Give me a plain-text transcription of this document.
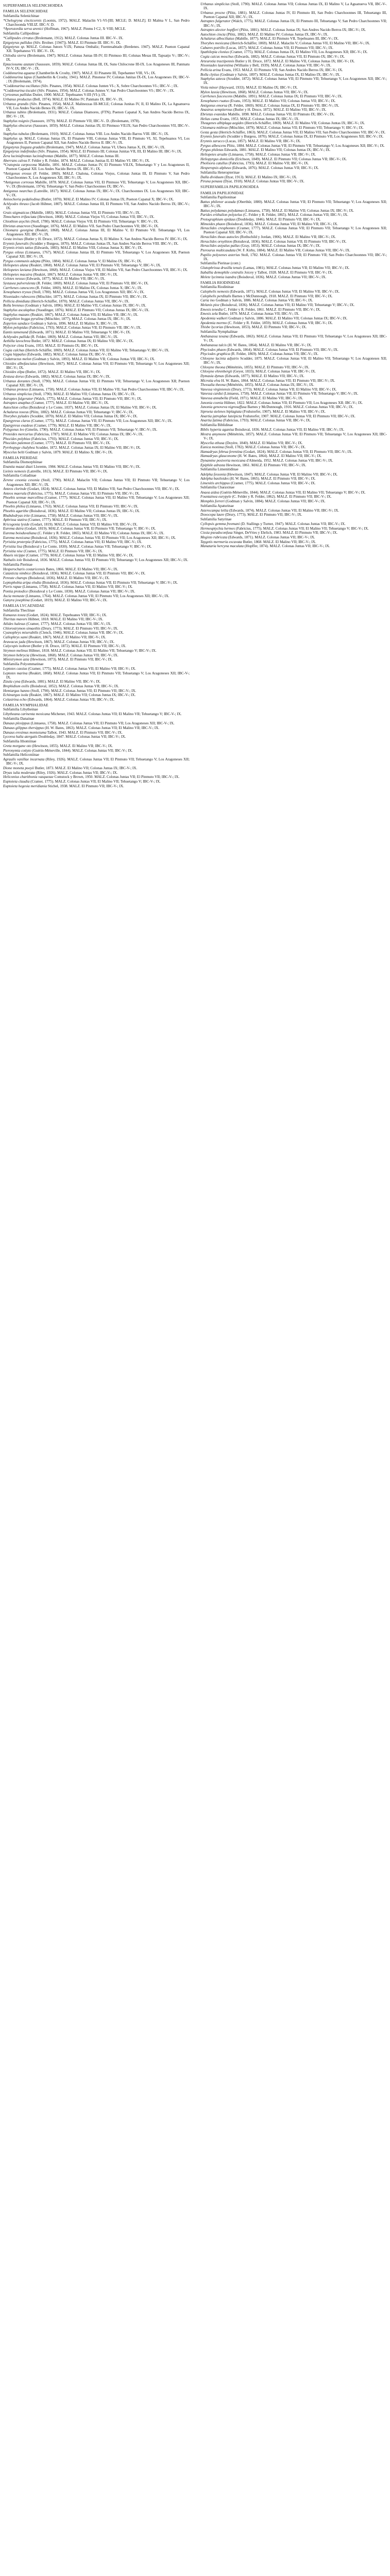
SUPERFAMILIA SELENICHOIDEA
FAMILIA SELENICHIDAE
Subfamilia Selenichinae
*Chelogryna cincticornis (Loomis, 1972). MALZ. Malaclin V1-VI-[III; MCLE; D. MALZ]. El Malma V L, San Pedro Charchoonda VIII.IZ. IBC-V. D.
*Ayorozordia serva arenici (Hoffman, 1967). MALZ. Pinmu I·C2, X·VIII; MCLE.
Subfamilia Callipodinae
*Callipodes cirratus (Brolemann, 1912). MALZ. Colonas Juntas III. IBC-V-. IX.
Epigotyras pallidus (Silv. Brolner. [1947]). MALZ. El Pinmute III. IBC-V-. IX.
Epigotyras sp. MALZ. Colonas Junors V-IX; Panusa Ombaliz; Fuentesabtado (Berdenes. 1947). MALZ. Puenon Capanal XII. Tepehaneso VI. IBC-V-. IX.
Chilodia sierra (Brolemann, 1947). MALZ. Colonas Juntas III-IV; El Pinmuso III; Colunas Mesas III, Tapuatjo V-; IBC-V-; IX.
Eptaciosumu azatani (Saussure, 1859). MALZ. Colonas Juntas III, IX, Suns Chilocrone III-IX. Los Aragoneses III, Panmatu IV-V, IX; IBC-V- ; IX.
Coddonurina aguana (Chamberlin & Crosby, 1907). MALZ. El Pinanete III, Tepehanner VIII, VI-; IX.
Coddonurina lapus (Chamberlin & Crosby, 1941). MALZ. Pinonese IV; Colonas Junitas IX-IX, Los Aragoneses IX; IBC-V- ; IX (Brolemann, 1974).
*Coddonurina oscillatus (Silv. Pinanes, 1954). MALZ. Colonas Junten VI-; X, Sobre Charchoonnes VI-; IBC-V- ; IX.
*Coddonurina tiscalei (Silv. Pinanes, 1954). MALZ. Colonas Junnes V; San Pedro Charchoonnes VI-; IBC-V- ; IX.
Cyrtosmus pallidus Dutier, 1900. MALZ. Tepehuanes V-III (VI-); IX.
Urbanus productus (Bell, 1974). MALZ. El Malino IV; Panmato IX. IBC-V-. IX.
Urbanus grandis (Silv. Pinanes, 1954). MALZ. Malinezzas III-MCLE; Colonas Junitas IV, II, El Malino IX, La Aguanueva VII, Los Andes Nacido Benos IX; IBC-V-. IX.
Urbanus tubins (Brolemann, 1931). MALZ. Colanas Diamores, (FTN); Puenon Capanal X, San Andres Nacido Berros IX, IBC-V- ; IX.
Staphylus nsignis (Saussure, 1979). MALZ. El Pinmute VII; IBC-V-. D. (Brolemann, 1978).
Staphylus obscurus (Saussure, 1859). MALZ. Colonas Junitas IX; El Pinmuso VII.IX; San Pedro Charchoonnes VII, IBC-V-. IX.
Staphylus tubulus (Brolemann, 1910). MALZ. Colonas Juntas VIII. Los Andes Nacido Barros VIII. IBC-V-; IX.
Staphylus sp. MALZ. Colonas Juntas IX, El Pinanete VIII, Colonas Juntas VIII, El Pinmuto VI, XI, Tepehuanos VI, Los Aragoneses II, Puenon Capanal XII, San Andres Nacido Berros II. IBC-V-; IX.
Epigotyras fraguza gradalis (Brolemann, 1947). MALZ. Colonas Juntas VI, Ubera Juntas X, IX, IBC-V-; IX.
Epigotyras indefinidus (Silv. Pinanes, 1954). MALZ. El Pinmuto III; Colonas Junitas VII, III, El Malino III; IBC-V-; IX.
Zera luciniafrontas luciniafrontas (Mabille, 1877). MALZ. Colonas Juntas III.
Aberrans calvus F. Felder y R. Felder, 1874. MALZ. Colonas Junitas II, El Malino VI. IBC-V-; IX.
*Cratopsia carpocona Mabille, 1891. MALZ. Colonas Juntas IV, El Pinmuto VII.IX, Tehuetango V y Los Aragoneses II, Puenon Capanal XII. Los Andes Nacido Berros IX. IBC-V-; IX.
*Antigonus erosus (F. Felder, 1869). MALZ. Chalona, Colonas Viejos, Colonas Juntas III, El Pinmuto V, San Pedro Charchoonnes X, Los Aragoneses XII, IBC-V-; IX.
*Antigonus corrosus Mabille, 1878. MALZ. Colonas Juntas VII, El Pinmuso VII, Tehuetango V, Los Aragoneses XII, IBC-V-; IX (Brolemann, 1974); Tehuetango V, San Pedro Charchoonnes IX; IBC-V-.
Antigonus nearchus (Latreille, 1817). MALZ. Colonas Juntas IX; IBC-V-; IX. Charchoonnes IX. Los Aragoneses XII; IBC-V-; IX.
Anisochoria pedaliodina (Butler, 1870). MALZ. El Malino IV; Colonas Juntas IX; Puenon Capanal X; IBC-V-; IX.
Achlyodes thraso (Jacob Hübner, 1807). MALZ. Colonas Juntas III, El Pinmuto VII, San Andres Nacido Berros IX; IBC-V-; IX.
Grais stigmaticus (Mabille, 1883). MALZ. Colonas Juntas VII, El Pinmuto VII; IBC-V-; IX.
Timochares trifasciata (Hewitson, 1868). MALZ. Colonas Viejos VI, Colonas Juntas VII; IBC-V-; IX.
Chiothion asychis (Stoll, 1780). MALZ. Colonas Viejos VII; El Pinmuto VII; Tehuetango V. IBC-V-; IX.
Ebrietas anacreon (Staudinger, 1876). MALZ. El Malino VII. San Pedro Charchoonnes VII; IBC-V-; IX.
Chiomara georgina (Reakirt, 1868). MALZ. Colonas Juntas III, El Malino V, El Pinmuto VII. Tehuetango VI, Los Aragoneses XII; IBC-V-; IX.
Gesta invisus (Butler y H. Druce, 1872). MALZ. Colonas Juntas X; El Malino X. San Andres Nacido Berros IV. IBC-V-; IX.
Erynnis funeralis (Scudder y Burgess, 1870). MALZ. Colonas Juntas IX, San Andres Nacido Berros VIII. IBC-V-; IX.
Erynnis tristis tatius (Edwards, 1883). MALZ. El Malino VIII, Colonas Juntas X; IBC-V-; IX.
Pyrgus oileus (Linnaeus, 1767). MALZ. Colonas Juntas III, El Pinmuto VII, Tehuetango V, Los Aragoneses XII, Puenon Capanal XII; IBC-V-; IX.
Pyrgus communis adepta (Plötz, 1884). MALZ. Colonas Juntas V; El Malino IX; IBC-V-; IX.
Heliopetes alana (Reakirt, 1868). MALZ. Colonas Juntas VII; El Pinmuto VII; Tehuetango V; IBC-V-; IX.
Heliopetes laviana (Hewitson, 1868). MALZ. Colonas Viejos VII, El Malino VII, San Pedro Charchoonnes VII, IBC-V-; IX.
Heliopetes macaira (Reakirt, 1867). MALZ. Colonas Juntas VII; IBC-V-; IX.
Celotes nessus (Edwards, 1877). MALZ. El Malino VII; IBC-V-; IX.
Systasea pulverulenta (R. Felder, 1869). MALZ. Colonas Juntas VII; El Pinmuto VII; IBC-V-; IX.
Carrhenes canescens (R. Felder, 1869). MALZ. El Malino IX, Colonas Juntas X; IBC-V-; IX.
Xenophanes tryxus (Stoll, 1780). MALZ. Colonas Juntas VII, Los Aragoneses XII; IBC-V-; IX.
Nisoniades rubescens (Möschler, 1877). MALZ. Colonas Juntas IX; El Pinmuto VII; IBC-V-; IX.
Pellicia dimidiata (Herrich-Schäffer, 1870). MALZ. Colonas Juntas VII, IBC-V-; IX.
Bolla brennus (Godman y Salvin, 1896). MALZ. El Malino VII, Colonas Juntas IX; IBC-V-; IX.
Staphylus ascalaphus (Staudinger, 1876). MALZ. El Pinmuto VII; Colonas Juntas IX; IBC-V-; IX.
Staphylus mazans (Reakirt, 1867). MALZ. Colonas Juntas VII; El Malino VII; IBC-V-; IX.
Gorgythion begga pyralina (Möschler, 1877). MALZ. Colonas Juntas IX; IBC-V-; IX.
Zopyrion sandace Godman y Salvin, 1896. MALZ. El Malino X; IBC-V-; IX.
Mylon pelopidas (Fabricius, 1793). MALZ. Colonas Juntas VII; El Pinmuto VII; IBC-V-; IX.
Eantis tamenund (Edwards, 1871). MALZ. El Malino VII; Tehuetango V; IBC-V-; IX.
Achlyodes pallida (R. Felder, 1869). MALZ. Colonas Juntas VII; IBC-V-; IX.
Aethilla lavochrea Butler, 1872. MALZ. Colonas Juntas IX; El Malino VII; IBC-V-; IX.
Polyctor cleta Evans, 1953. MALZ. El Pinmuto IX; IBC-V-; IX.
Cogia calchas (Herrich-Schäffer, 1869). MALZ. Colonas Juntas VII; El Malino VII; Tehuetango V; IBC-V-; IX.
Cogia hippalus (Edwards, 1882). MALZ. Colonas Juntas IX; IBC-V-; IX.
Codatractus melon (Godman y Salvin, 1893). MALZ. El Malino VII; Colonas Juntas VII; IBC-V-; IX.
Chioides albofasciatus (Hewitson, 1867). MALZ. Colonas Juntas VII; El Pinmuto VII; Tehuetango V; Los Aragoneses XII; IBC-V-; IX.
Chioides zilpa (Butler, 1872). MALZ. El Malino VII, IBC-V-; IX.
Zestusa dorus (Edwards, 1882). MALZ. Colonas Juntas IX; IBC-V-; IX.
Urbanus dorantes (Stoll, 1790). MALZ. Colonas Juntas VII; El Pinmuto VII; Tehuetango V; Los Aragoneses XII; Puenon Capanal XII; IBC-V-; IX.
Urbanus proteus (Linnaeus, 1758). MALZ. Colonas Juntas VII; El Malino VII; San Pedro Charchoonnes VII; IBC-V-; IX.
Urbanus simplicius (Stoll, 1790). MALZ. El Malino VII; Colonas Juntas IX; IBC-V-; IX.
Astraptes fulgerator (Walch, 1775). MALZ. Colonas Juntas VII; El Pinmuto VII; IBC-V-; IX.
Astraptes anaphus (Cramer, 1777). MALZ. El Malino VII; IBC-V-; IX.
Autochton cellus (Boisduval y Le Conte, 1837). MALZ. Colonas Juntas IX; El Malino VII; IBC-V-; IX.
Achalarus toxeus (Plötz, 1882). MALZ. Colonas Juntas VII; Tehuetango V; IBC-V-; IX.
Thorybes pylades (Scudder, 1870). MALZ. El Malino VII; Colonas Juntas IX; IBC-V-; IX.
Epargyreus clarus (Cramer, 1775). MALZ. Colonas Juntas VII; El Pinmuto VII; Los Aragoneses XII; IBC-V-; IX.
Epargyreus exadeus (Cramer, 1779). MALZ. El Malino VII; IBC-V-; IX.
Polygonus leo (Gmelin, 1790). MALZ. Colonas Juntas VII; El Pinmuto VII; Tehuetango V; IBC-V-; IX.
Proteides mercurius (Fabricius, 1787). MALZ. El Malino VII; Colonas Juntas IX; IBC-V-; IX.
Phocides polybius (Fabricius, 1793). MALZ. Colonas Juntas VII; IBC-V-; IX.
Phocides palemon (Cramer, 1777). MALZ. El Pinmuto VII; IBC-V-; IX.
Pyrrhopyge chalybea Scudder, 1872. MALZ. Colonas Juntas IX; El Malino VII; IBC-V-; IX.
Myscelus belti Godman y Salvin, 1879. MALZ. El Malino X; IBC-V-; IX.
FAMILIA PIERIDAE
Subfamilia Dismorphiinae
Enantia mazai diazi Llorente, 1984. MALZ. Colonas Juntas VII; El Malino VII; IBC-V-; IX.
Lieinix nemesis (Latreille, 1813). MALZ. El Pinmuto VII; IBC-V-; IX.
Subfamilia Coliadinae
Zerene cesonia cesonia (Stoll, 1790). MALZ. Malaclin VII; Colonas Juntas VII; El Pinmuto VII; Tehuetango V; Los Aragoneses XII; IBC-V-; IX.
Anteos clorinde (Godart, 1824). MALZ. Colonas Juntas VII; El Malino VII; San Pedro Charchoonnes VII; IBC-V-; IX.
Anteos maerula (Fabricius, 1775). MALZ. Colonas Juntas VII; El Pinmuto VII; IBC-V-; IX.
Phoebis sennae marcellina (Cramer, 1777). MALZ. Colonas Juntas VII; El Malino VII; Tehuetango V; Los Aragoneses XII; Puenon Capanal XII; IBC-V-; IX.
Phoebis philea (Linnaeus, 1763). MALZ. Colonas Juntas VII; El Pinmuto VII; IBC-V-; IX.
Phoebis agarithe (Boisduval, 1836). MALZ. El Malino VII; Colonas Juntas IX; IBC-V-; IX.
Rhabdodryas trite (Linnaeus, 1758). MALZ. Colonas Juntas VII; IBC-V-; IX.
Aphrissa statira (Cramer, 1777). MALZ. El Pinmuto VII; IBC-V-; IX.
Kricogonia lyside (Godart, 1819). MALZ. Colonas Juntas VII; El Malino VII; IBC-V-; IX.
Eurema daira (Godart, 1819). MALZ. Colonas Juntas VII; El Pinmuto VII; Tehuetango V; IBC-V-; IX.
Eurema boisduvaliana (C. Felder y R. Felder, 1865). MALZ. El Malino VII; Colonas Juntas IX; IBC-V-; IX.
Eurema mexicana (Boisduval, 1836). MALZ. Colonas Juntas VII; El Pinmuto VII; Los Aragoneses XII; IBC-V-; IX.
Pyrisitia proterpia (Fabricius, 1775). MALZ. Colonas Juntas VII; El Malino VII; IBC-V-; IX.
Pyrisitia lisa (Boisduval y Le Conte, 1830). MALZ. Colonas Juntas VII; Tehuetango V; IBC-V-; IX.
Pyrisitia nise (Cramer, 1775). MALZ. El Pinmuto VII; IBC-V-; IX.
Abaeis nicippe (Cramer, 1779). MALZ. Colonas Juntas VII; El Malino VII; IBC-V-; IX.
Nathalis iole Boisduval, 1836. MALZ. Colonas Juntas VII; El Pinmuto VII; Tehuetango V; Los Aragoneses XII; IBC-V-; IX.
Subfamilia Pierinae
Hesperocharis costaricensis Bates, 1866. MALZ. El Malino VII; IBC-V-; IX.
Catasticta nimbice (Boisduval, 1836). MALZ. Colonas Juntas VII; El Pinmuto VII; IBC-V-; IX.
Pereute charops (Boisduval, 1836). MALZ. El Malino VII; IBC-V-; IX.
Leptophobia aripa elodia (Boisduval, 1836). MALZ. Colonas Juntas VII; El Pinmuto VII; Tehuetango V; IBC-V-; IX.
Pieris rapae (Linnaeus, 1758). MALZ. Colonas Juntas VII; El Malino VII; IBC-V-; IX.
Pontia protodice (Boisduval y Le Conte, 1830). MALZ. Colonas Juntas VII; IBC-V-; IX.
Ascia monuste (Linnaeus, 1764). MALZ. Colonas Juntas VII; El Pinmuto VII; Los Aragoneses XII; IBC-V-; IX.
Ganyra josephina (Godart, 1819). MALZ. El Malino VII; IBC-V-; IX.
FAMILIA LYCAENIDAE
Subfamilia Theclinae
Eumaeus toxea (Godart, 1824). MALZ. Tepehuanes VIII; IBC-V-; IX.
Theritas mavors Hübner, 1818. MALZ. El Malino VII; IBC-V-; IX.
Atlides halesus (Cramer, 1777). MALZ. Colonas Juntas VII; IBC-V-; IX.
Chlorostrymon simaethis (Drury, 1773). MALZ. El Pinmuto VII; IBC-V-; IX.
Cyanophrys miserabilis (Clench, 1946). MALZ. Colonas Juntas VII; IBC-V-; IX.
Callophrys xami (Reakirt, 1867). MALZ. El Malino VII; IBC-V-; IX.
Arawacus jada (Hewitson, 1867). MALZ. Colonas Juntas VII; IBC-V-; IX.
Calycopis isobeon (Butler y H. Druce, 1872). MALZ. El Pinmuto VII; IBC-V-; IX.
Strymon melinus Hübner, 1818. MALZ. Colonas Juntas VII; El Malino VII; Tehuetango V; IBC-V-; IX.
Strymon bebrycia (Hewitson, 1868). MALZ. Colonas Juntas VII; IBC-V-; IX.
Ministrymon azia (Hewitson, 1873). MALZ. El Pinmuto VII; IBC-V-; IX.
Subfamilia Polyommatinae
Leptotes cassius (Cramer, 1775). MALZ. Colonas Juntas VII; El Malino VII; IBC-V-; IX.
Leptotes marina (Reakirt, 1868). MALZ. Colonas Juntas VII; El Pinmuto VII; Tehuetango V; Los Aragoneses XII; IBC-V-; IX.
Zizula cyna (Edwards, 1881). MALZ. El Malino VII; IBC-V-; IX.
Brephidium exilis (Boisduval, 1852). MALZ. Colonas Juntas VII; IBC-V-; IX.
Hemiargus hanno (Stoll, 1790). MALZ. Colonas Juntas VII; El Pinmuto VII; IBC-V-; IX.
Echinargus isola (Reakirt, 1867). MALZ. El Malino VII; Colonas Juntas IX; IBC-V-; IX.
Celastrina echo (Edwards, 1864). MALZ. Colonas Juntas VII; IBC-V-; IX.
FAMILIA NYMPHALIDAE
Subfamilia Libytheinae
Libytheana carinenta mexicana Michener, 1943. MALZ. Colonas Juntas VII; El Malino VII; Tehuetango V; IBC-V-; IX.
Subfamilia Danainae
Danaus plexippus (Linnaeus, 1758). MALZ. Colonas Juntas VII; El Pinmuto VII; Los Aragoneses XII; IBC-V-; IX.
Danaus gilippus thersippus (H. W. Bates, 1863). MALZ. Colonas Juntas VII; El Malino VII; IBC-V-; IX.
Danaus eresimus montezuma Talbot, 1943. MALZ. El Pinmuto VII; IBC-V-; IX.
Lycorea halia atergatis Doubleday, 1847. MALZ. Colonas Juntas VII; IBC-V-; IX.
Subfamilia Ithomiinae
Greta morgane oto (Hewitson, 1855). MALZ. El Malino VII; IBC-V-; IX.
Pteronymia cottyto (Guérin-Méneville, 1844). MALZ. Colonas Juntas VII; IBC-V-; IX.
Subfamilia Heliconiinae
Agraulis vanillae incarnata (Riley, 1926). MALZ. Colonas Juntas VII; El Pinmuto VII; Tehuetango V; Los Aragoneses XII; IBC-V-; IX.
Dione moneta poeyii Butler, 1873. MALZ. El Malino VII; Colonas Juntas IX; IBC-V-; IX.
Dryas iulia moderata (Riley, 1926). MALZ. Colonas Juntas VII; IBC-V-; IX.
Heliconius charithonia vazquezae Comstock y Brown, 1950. MALZ. Colonas Juntas VII; El Pinmuto VII; IBC-V-; IX.
Euptoieta claudia (Cramer, 1775). MALZ. Colonas Juntas VII; El Malino VII; Tehuetango V; IBC-V-; IX.
Euptoieta hegesia meridiania Stichel, 1938. MALZ. El Pinmuto VII; IBC-V-; IX.
Urbanus simplicius (Stoll, 1790). MALZ. Colonas Juntas VII; Colonas Juntas IX, El Malino V, La Aguanueva VII, IBC-V-. IX.
Urbanus procne (Plötz, 1881). MALZ. Colonas Juntas IV, El Pinmuto III, San Pedro Charchoonnes III, Tehuetango III, Puenon Capanal XII; IBC-V-; IX.
Astraptes fulgerator (Walch, 1775). MALZ. Colonas Juntas IX; El Pinmuto III, Tehuetango V; San Pedro Charchoonnes VII; IBC-V-; IX.
Astraptes alector hopfferi (Plötz, 1881). MALZ. Colonas Juntas IX; San Andres Nacido Berros IX; IBC-V-; IX.
Autochton cincta (Plötz, 1882). MALZ. El Malino IV; Colonas Juntas IX, IBC-V-; IX.
Achalarus albociliatus (Mabille, 1877). MALZ. El Pinmuto VII, Tepehuanes III, IBC-V-; IX.
Thorybes mexicana (Herrich-Schäffer, 1869). MALZ. Malaclin V; Colonas Juntas VII, El Malino VII; IBC-V-; IX.
Cabares potrillo (Lucas, 1857). MALZ. Colonas Juntas VII; El Pinmuto VII; IBC-V-; IX.
Spathilepia clonius (Cramer, 1775). MALZ. Colonas Juntas IX, El Malino VII, Los Aragoneses XII; IBC-V-; IX.
Cogia caicus moschus (Edwards, 1882). MALZ. Colonas Juntas VII, El Pinmuto IX; IBC-V-; IX.
Arteurotia tractipennis Butler y H. Druce, 1872. MALZ. El Malino VII, Colonas Juntas IX; IBC-V-; IX.
Nisoniades laurentina (Williams y Bell, 1939). MALZ. Colonas Juntas VII; IBC-V-; IX.
Pellicia arina Evans, 1953. MALZ. El Pinmuto VII; San Andres Nacido Berros IX; IBC-V-; IX.
Bolla clytius (Godman y Salvin, 1897). MALZ. Colonas Juntas IX, El Malino IX; IBC-V-; IX.
Staphylus azteca (Scudder, 1872). MALZ. Colonas Juntas VII; El Pinmuto VII; Tehuetango V, Los Aragoneses XII; IBC-V-; IX.
Viola minor (Hayward, 1933). MALZ. El Malino IX; IBC-V-; IX.
Mylon lassia (Hewitson, 1868). MALZ. Colonas Juntas VII; IBC-V-; IX.
Carrhenes fuscescens (Mabille, 1891). MALZ. Colonas Juntas IX; El Pinmuto VII; IBC-V-; IX.
Xenophanes ruatus (Evans, 1953). MALZ. El Malino VII; Colonas Juntas VII; IBC-V-; IX.
Antigonus emorsa (R. Felder, 1869). MALZ. Colonas Juntas IX, El Pinmuto VII; IBC-V-; IX.
Anastrus sempiternus (Butler y H. Druce, 1872). MALZ. El Malino VII; IBC-V-; IX.
Ebrietas evanidus Mabille, 1898. MALZ. Colonas Juntas VII; El Pinmuto IX; IBC-V-; IX.
Helias cama Evans, 1953. MALZ. Colonas Juntas IX; IBC-V-; IX.
Theagenes albiplaga aegides (Herrich-Schäffer, 1869). MALZ. El Malino VII; Colonas Juntas IX; IBC-V-; IX.
Chiomara mithrax (Möschler, 1879). MALZ. Colonas Juntas VII; El Pinmuto VII; Tehuetango V; IBC-V-; IX.
Gesta gesta (Herrich-Schäffer, 1863). MALZ. Colonas Juntas VII; El Malino VII; San Pedro Charchoonnes VII; IBC-V-; IX.
Erynnis funeralis (Scudder y Burgess, 1870). MALZ. Colonas Juntas IX, El Pinmuto VII, Los Aragoneses XII; IBC-V-; IX.
Erynnis zarucco (Lucas, 1857). MALZ. El Malino VII; IBC-V-; IX.
Pyrgus albescens Plötz, 1884. MALZ. Colonas Juntas VII; El Pinmuto VII; Tehuetango V; Los Aragoneses XII; IBC-V-; IX.
Pyrgus philetas Edwards, 1881. MALZ. El Malino VII; Colonas Juntas IX; IBC-V-; IX.
Heliopetes arsalte (Linnaeus, 1758). MALZ. Colonas Juntas VII; IBC-V-; IX.
Heliopyrgus domicella (Erichson, 1849). MALZ. El Pinmuto VII; Colonas Juntas VII; IBC-V-; IX.
Pholisora catullus (Fabricius, 1793). MALZ. El Malino VII; IBC-V-; IX.
Hesperopsis alpheus (Edwards, 1876). MALZ. Colonas Juntas VII; IBC-V-; IX.
Subfamilia Heteropterinae
Dalla dividuum (Dyar, 1913). MALZ. El Malino IX; IBC-V-; IX.
Piruna penaea (Dyar, 1918). MALZ. Colonas Juntas VII; IBC-V-; IX.
SUPERFAMILIA PAPILIONOIDEA
FAMILIA PAPILIONIDAE
Subfamilia Papilioninae
Battus philenor acauda (Oberthür, 1880). MALZ. Colonas Juntas VII; El Pinmuto VII; Tehuetango V; Los Aragoneses XII; IBC-V-; IX.
Battus polydamas polydamas (Linnaeus, 1758). MALZ. El Malino VII; Colonas Juntas IX; IBC-V-; IX.
Parides erithalion polyzelus (C. Felder y R. Felder, 1865). MALZ. Colonas Juntas VII; IBC-V-; IX.
Protographium epidaus (Doubleday, 1846). MALZ. El Pinmuto VII; IBC-V-; IX.
Mimoides phaon (Boisduval, 1836). MALZ. Colonas Juntas VII; El Malino VII; IBC-V-; IX.
Heraclides cresphontes (Cramer, 1777). MALZ. Colonas Juntas VII; El Pinmuto VII; Tehuetango V; Los Aragoneses XII; Puenon Capanal XII; IBC-V-; IX.
Heraclides thoas autocles (Rothschild y Jordan, 1906). MALZ. El Malino VII; IBC-V-; IX.
Heraclides ornythion (Boisduval, 1836). MALZ. Colonas Juntas VII; El Pinmuto VII; IBC-V-; IX.
Heraclides astyalus pallas (Gray, 1853). MALZ. Colonas Juntas IX; IBC-V-; IX.
Pterourus multicaudata (W. F. Kirby, 1884). MALZ. El Malino VII; Colonas Juntas VII; IBC-V-; IX.
Papilio polyxenes asterius Stoll, 1782. MALZ. Colonas Juntas VII; El Pinmuto VII; San Pedro Charchoonnes VII; IBC-V-; IX.
Subfamilia Pierinae (cont.)
Glutophrissa drusilla tenuis (Lamas, 1981). MALZ. Colonas Juntas VII; El Malino VII; IBC-V-; IX.
Itaballia demophile centralis Joicey y Talbot, 1928. MALZ. El Pinmuto VII; IBC-V-; IX.
Melete lycimnia isandra (Boisduval, 1836). MALZ. Colonas Juntas VII; IBC-V-; IX.
FAMILIA RIODINIDAE
Subfamilia Riodininae
Calephelis nemesis (Edwards, 1871). MALZ. Colonas Juntas VII; El Malino VII; IBC-V-; IX.
Calephelis perditalis Barnes y McDunnough, 1918. MALZ. El Pinmuto VII; IBC-V-; IX.
Caria ino Godman y Salvin, 1886. MALZ. Colonas Juntas VII; IBC-V-; IX.
Melanis pixe (Boisduval, 1836). MALZ. Colonas Juntas VII; El Malino VII; Tehuetango V; IBC-V-; IX.
Emesis tenedia C. Felder y R. Felder, 1861. MALZ. El Pinmuto VII; IBC-V-; IX.
Emesis zela Butler, 1870. MALZ. Colonas Juntas VII; IBC-V-; IX.
Apodemia walkeri Godman y Salvin, 1886. MALZ. El Malino VII; Colonas Juntas IX; IBC-V-; IX.
Apodemia mormo (C. Felder y R. Felder, 1859). MALZ. Colonas Juntas VII; IBC-V-; IX.
Thisbe lycorias (Hewitson, 1853). MALZ. El Pinmuto VII; IBC-V-; IX.
Subfamilia Nymphalinae
Anthanassa texana (Edwards, 1863). MALZ. Colonas Juntas VII; El Pinmuto VII; Tehuetango V; Los Aragoneses XII; IBC-V-; IX.
Anthanassa tulcis (H. W. Bates, 1864). MALZ. El Malino VII; IBC-V-; IX.
Phyciodes phaon (Edwards, 1864). MALZ. Colonas Juntas VII; El Pinmuto VII; IBC-V-; IX.
Phyciodes graphica (R. Felder, 1869). MALZ. Colonas Juntas VII; IBC-V-; IX.
Chlosyne lacinia adjutrix Scudder, 1875. MALZ. Colonas Juntas VII; El Malino VII; Tehuetango V; Los Aragoneses XII; IBC-V-; IX.
Chlosyne theona (Ménétriés, 1855). MALZ. El Pinmuto VII; IBC-V-; IX.
Chlosyne ehrenbergii (Geyer, 1833). MALZ. Colonas Juntas VII; IBC-V-; IX.
Dymasia dymas (Edwards, 1877). MALZ. El Malino VII; IBC-V-; IX.
Microtia elva H. W. Bates, 1864. MALZ. Colonas Juntas VII; El Pinmuto VII; IBC-V-; IX.
Thessalia theona (Ménétriés, 1855). MALZ. Colonas Juntas IX; IBC-V-; IX.
Vanessa virginiensis (Drury, 1773). MALZ. Colonas Juntas VII; El Malino VII; IBC-V-; IX.
Vanessa cardui (Linnaeus, 1758). MALZ. Colonas Juntas VII; El Pinmuto VII; Tehuetango V; IBC-V-; IX.
Vanessa annabella (Field, 1971). MALZ. El Malino VII; IBC-V-; IX.
Junonia coenia Hübner, 1822. MALZ. Colonas Juntas VII; El Pinmuto VII; Los Aragoneses XII; IBC-V-; IX.
Junonia genoveva nigrosuffusa Barnes y McDunnough, 1916. MALZ. Colonas Juntas VII; IBC-V-; IX.
Siproeta stelenes biplagiata (Fruhstorfer, 1907). MALZ. El Malino VII; IBC-V-; IX.
Anartia jatrophae luteipicta Fruhstorfer, 1907. MALZ. Colonas Juntas VII; El Pinmuto VII; IBC-V-; IX.
Anartia fatima (Fabricius, 1793). MALZ. Colonas Juntas VII; IBC-V-; IX.
Subfamilia Biblidinae
Biblis hyperia aganisa Boisduval, 1836. MALZ. Colonas Juntas VII; El Malino VII; IBC-V-; IX.
Mestra amymone (Ménétriés, 1857). MALZ. Colonas Juntas VII; El Pinmuto VII; Tehuetango V; Los Aragoneses XII; IBC-V-; IX.
Myscelia ethusa (Doyère, 1840). MALZ. El Malino VII; IBC-V-; IX.
Eunica monima (Stoll, 1782). MALZ. Colonas Juntas VII; IBC-V-; IX.
Hamadryas februa ferentina (Godart, 1824). MALZ. Colonas Juntas VII; El Pinmuto VII; IBC-V-; IX.
Hamadryas glauconome (H. W. Bates, 1864). MALZ. El Malino VII; IBC-V-; IX.
Dynamine postverta mexicana d'Almeida, 1952. MALZ. Colonas Juntas VII; IBC-V-; IX.
Epiphile adrasta Hewitson, 1861. MALZ. El Pinmuto VII; IBC-V-; IX.
Subfamilia Limenitidinae
Adelpha fessonia (Hewitson, 1847). MALZ. Colonas Juntas VII; El Malino VII; IBC-V-; IX.
Adelpha basiloides (H. W. Bates, 1865). MALZ. El Pinmuto VII; IBC-V-; IX.
Limenitis archippus (Cramer, 1775). MALZ. Colonas Juntas VII; IBC-V-; IX.
Subfamilia Charaxinae
Anaea aidea (Guérin-Méneville, 1844). MALZ. Colonas Juntas VII; El Malino VII; Tehuetango V; IBC-V-; IX.
Fountainea eurypyle (C. Felder y R. Felder, 1862). MALZ. El Pinmuto VII; IBC-V-; IX.
Memphis forreri (Godman y Salvin, 1884). MALZ. Colonas Juntas VII; IBC-V-; IX.
Subfamilia Apaturinae
Asterocampa leilia (Edwards, 1874). MALZ. Colonas Juntas VII; El Malino VII; IBC-V-; IX.
Doxocopa laure (Drury, 1773). MALZ. El Pinmuto VII; IBC-V-; IX.
Subfamilia Satyrinae
Cyllopsis gemma freemani (D. Stallings y Turner, 1947). MALZ. Colonas Juntas VII; IBC-V-; IX.
Hermeuptychia hermes (Fabricius, 1775). MALZ. Colonas Juntas VII; El Malino VII; Tehuetango V; IBC-V-; IX.
Cissia pseudoconfusa Singer, DeVries y Ehrlich, 1983. MALZ. El Pinmuto VII; IBC-V-; IX.
Megisto rubricata (Edwards, 1871). MALZ. Colonas Juntas VII; IBC-V-; IX.
Taygetis mermeria excavata Butler, 1868. MALZ. El Malino VII; IBC-V-; IX.
Manataria hercyna maculata (Hopffer, 1874). MALZ. Colonas Juntas VII; IBC-V-; IX.
